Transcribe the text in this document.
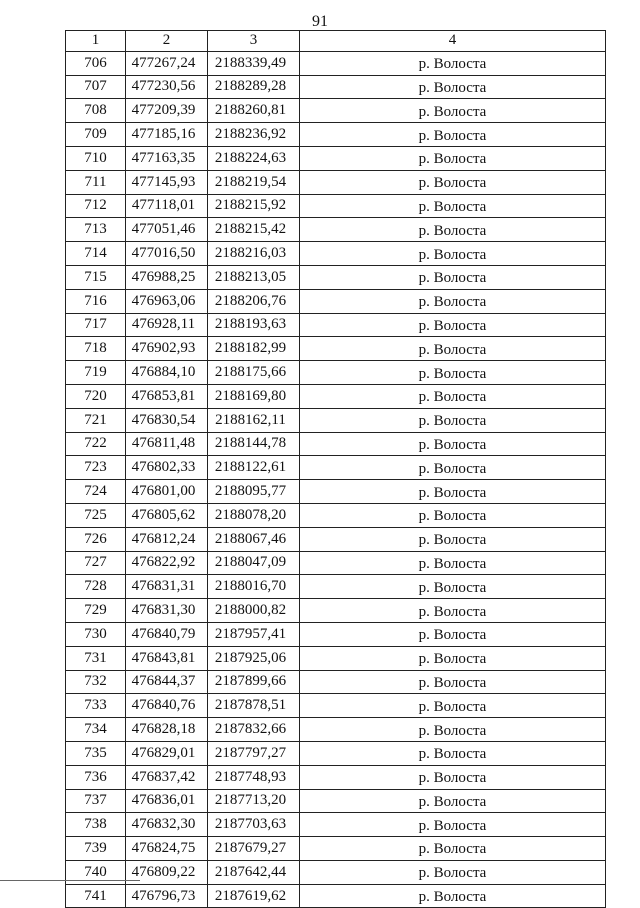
91
1	2	3	4
706	477267,24	2188339,49	р. Волоста
707	477230,56	2188289,28	р. Волоста
708	477209,39	2188260,81	р. Волоста
709	477185,16	2188236,92	р. Волоста
710	477163,35	2188224,63	р. Волоста
711	477145,93	2188219,54	р. Волоста
712	477118,01	2188215,92	р. Волоста
713	477051,46	2188215,42	р. Волоста
714	477016,50	2188216,03	р. Волоста
715	476988,25	2188213,05	р. Волоста
716	476963,06	2188206,76	р. Волоста
717	476928,11	2188193,63	р. Волоста
718	476902,93	2188182,99	р. Волоста
719	476884,10	2188175,66	р. Волоста
720	476853,81	2188169,80	р. Волоста
721	476830,54	2188162,11	р. Волоста
722	476811,48	2188144,78	р. Волоста
723	476802,33	2188122,61	р. Волоста
724	476801,00	2188095,77	р. Волоста
725	476805,62	2188078,20	р. Волоста
726	476812,24	2188067,46	р. Волоста
727	476822,92	2188047,09	р. Волоста
728	476831,31	2188016,70	р. Волоста
729	476831,30	2188000,82	р. Волоста
730	476840,79	2187957,41	р. Волоста
731	476843,81	2187925,06	р. Волоста
732	476844,37	2187899,66	р. Волоста
733	476840,76	2187878,51	р. Волоста
734	476828,18	2187832,66	р. Волоста
735	476829,01	2187797,27	р. Волоста
736	476837,42	2187748,93	р. Волоста
737	476836,01	2187713,20	р. Волоста
738	476832,30	2187703,63	р. Волоста
739	476824,75	2187679,27	р. Волоста
740	476809,22	2187642,44	р. Волоста
741	476796,73	2187619,62	р. Волоста
